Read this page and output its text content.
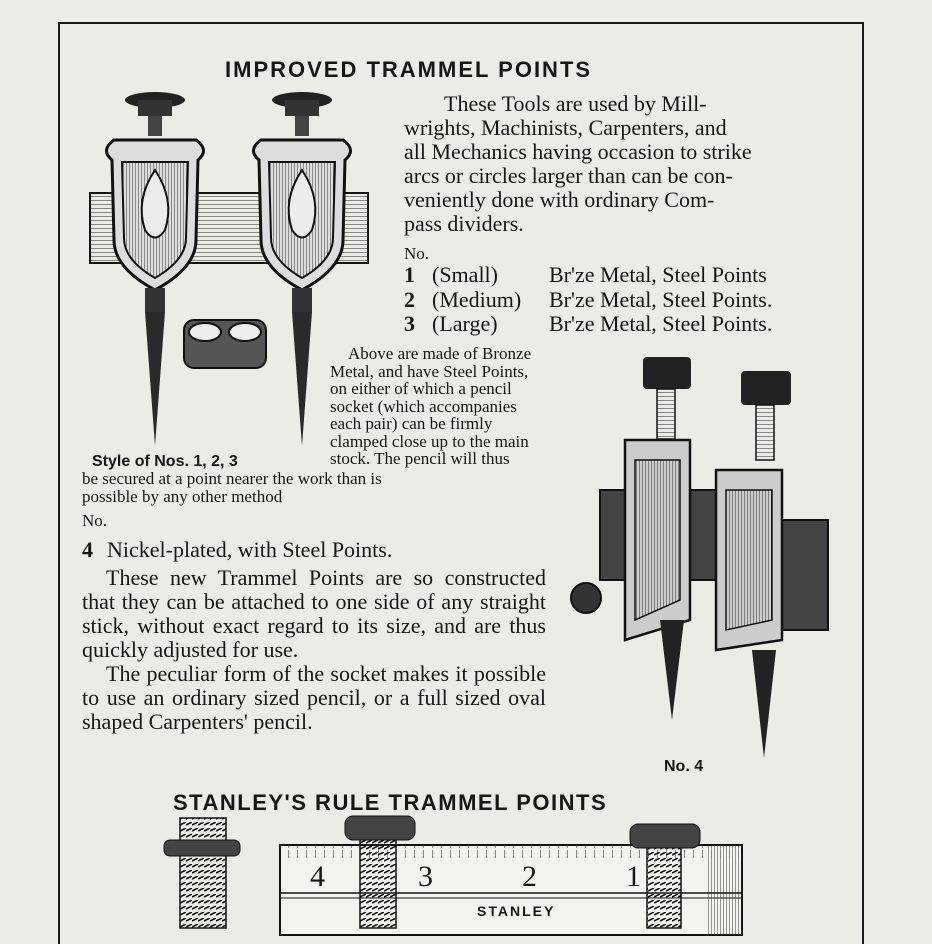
IMPROVED TRAMMEL POINTS
These Tools are used by Mill-
wrights, Machinists, Carpenters, and
all Mechanics having occasion to strike
arcs or circles larger than can be con-
veniently done with ordinary Com-
pass dividers.
No.
1 (Small)	Br'ze Metal, Steel Points
2 (Medium)	Br'ze Metal, Steel Points.
3 (Large)	Br'ze Metal, Steel Points.
Above are made of Bronze
Metal, and have Steel Points,
on either of which a pencil
socket (which accompanies
each pair) can be firmly
clamped close up to the main
stock. The pencil will thus
Style of Nos. 1, 2, 3
be secured at a point nearer the work than is
possible by any other method
No.
4 Nickel-plated, with Steel Points.

These new Trammel Points are so constructed that they can be attached to one side of any straight stick, without exact regard to its size, and are thus quickly adjusted for use.

The peculiar form of the socket makes it possible to use an ordinary sized pencil, or a full sized oval shaped Carpenters' pencil.

No. 4
STANLEY'S RULE TRAMMEL POINTS
4	3	2	1
STANLEY
